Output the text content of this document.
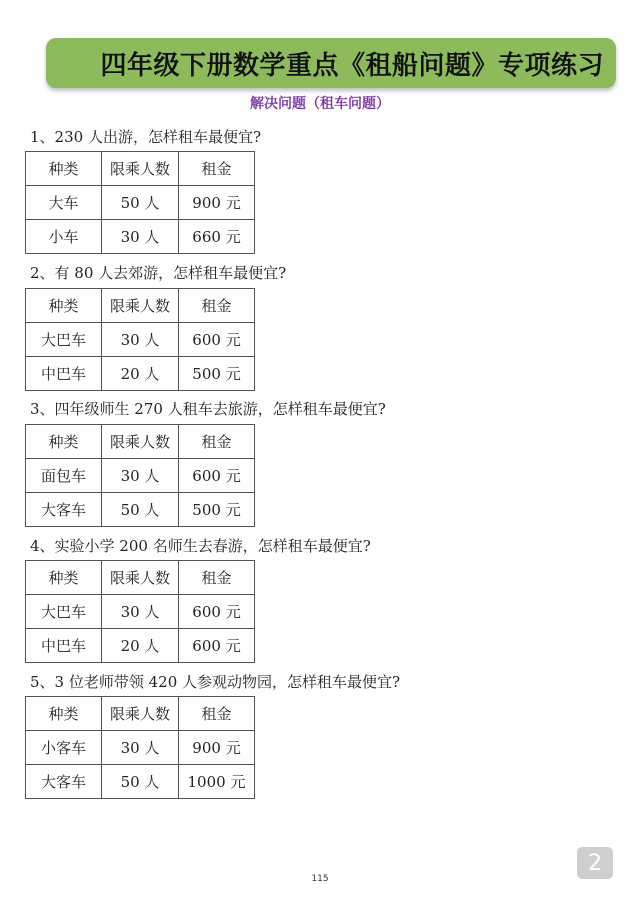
四年级下册数学重点《租船问题》专项练习
解决问题（租车问题）
1、230 人出游，怎样租车最便宜?
种类	限乘人数	租金
大车	50 人	900 元
小车	30 人	660 元
2、有 80 人去郊游，怎样租车最便宜?
种类	限乘人数	租金
大巴车	30 人	600 元
中巴车	20 人	500 元
3、四年级师生 270 人租车去旅游，怎样租车最便宜?
种类	限乘人数	租金
面包车	30 人	600 元
大客车	50 人	500 元
4、实验小学 200 名师生去春游，怎样租车最便宜?
种类	限乘人数	租金
大巴车	30 人	600 元
中巴车	20 人	600 元
5、3 位老师带领 420 人参观动物园，怎样租车最便宜?
种类	限乘人数	租金
小客车	30 人	900 元
大客车	50 人	1000 元
2
115
